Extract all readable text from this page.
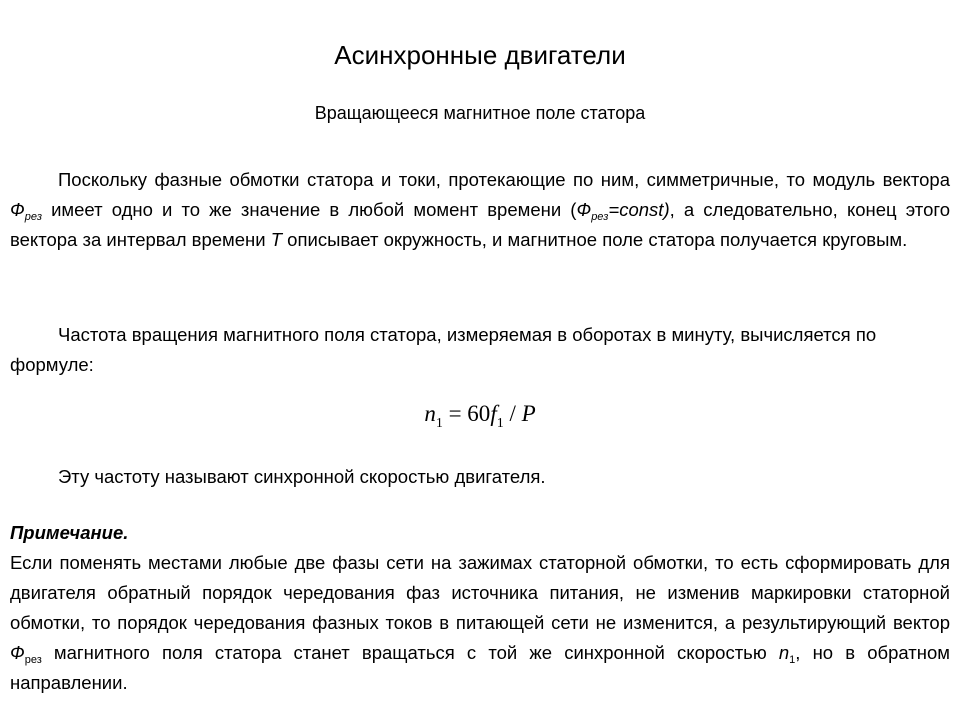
Асинхронные двигатели
Вращающееся магнитное поле статора
Поскольку фазные обмотки статора и токи, протекающие по ним, симметричные, то модуль вектора $Ф_{рез}$ имеет одно и то же значение в любой момент времени $(Ф_{рез}=const)$, а следовательно, конец этого вектора за интервал времени T описывает окружность, и магнитное поле статора получается круговым.
Частота вращения магнитного поля статора, измеряемая в оборотах в минуту, вычисляется по формуле:
$n_1 = 60f_1 / P$
Эту частоту называют синхронной скоростью двигателя.
Примечание.
Если поменять местами любые две фазы сети на зажимах статорной обмотки, то есть сформировать для двигателя обратный порядок чередования фаз источника питания, не изменив маркировки статорной обмотки, то порядок чередования фазных токов в питающей сети не изменится, а результирующий вектор $Ф_{рез}$ магнитного поля статора станет вращаться с той же синхронной скоростью $n_1$, но в обратном направлении.
